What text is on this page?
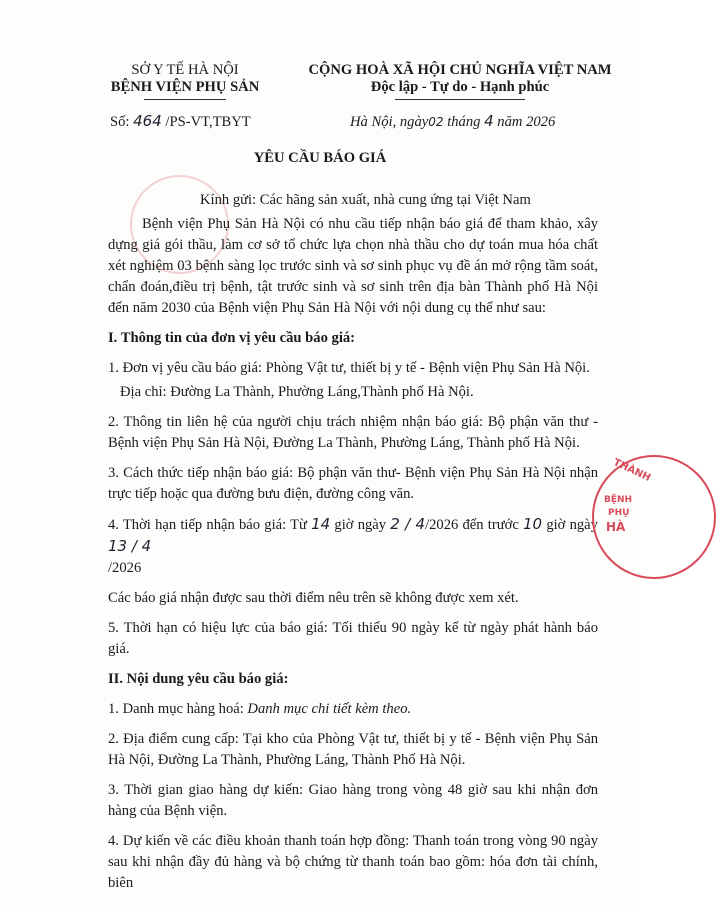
SỞ Y TẾ HÀ NỘI
BỆNH VIỆN PHỤ SẢN
CỘNG HOÀ XÃ HỘI CHỦ NGHĨA VIỆT NAM
Độc lập - Tự do - Hạnh phúc
Số: 464 /PS-VT,TBYT	Hà Nội, ngày02 tháng 4 năm 2026
YÊU CẦU BÁO GIÁ

Kính gửi: Các hãng sản xuất, nhà cung ứng tại Việt Nam

Bệnh viện Phụ Sản Hà Nội có nhu cầu tiếp nhận báo giá để tham khảo, xây dựng giá gói thầu, làm cơ sở tổ chức lựa chọn nhà thầu cho dự toán mua hóa chất xét nghiệm 03 bệnh sàng lọc trước sinh và sơ sinh phục vụ đề án mở rộng tầm soát, chẩn đoán,điều trị bệnh, tật trước sinh và sơ sinh trên địa bàn Thành phố Hà Nội đến năm 2030 của Bệnh viện Phụ Sản Hà Nội với nội dung cụ thể như sau:

I. Thông tin của đơn vị yêu cầu báo giá:

1. Đơn vị yêu cầu báo giá: Phòng Vật tư, thiết bị y tế - Bệnh viện Phụ Sản Hà Nội.

Địa chỉ: Đường La Thành, Phường Láng,Thành phố Hà Nội.

2. Thông tin liên hệ của người chịu trách nhiệm nhận báo giá: Bộ phận văn thư - Bệnh viện Phụ Sản Hà Nội, Đường La Thành, Phường Láng, Thành phố Hà Nội.

3. Cách thức tiếp nhận báo giá: Bộ phận văn thư- Bệnh viện Phụ Sản Hà Nội nhận trực tiếp hoặc qua đường bưu điện, đường công văn.

4. Thời hạn tiếp nhận báo giá: Từ 14 giờ ngày 2 / 4/2026 đến trước 10 giờ ngày 13 / 4
/2026

Các báo giá nhận được sau thời điểm nêu trên sẽ không được xem xét.

5. Thời hạn có hiệu lực của báo giá: Tối thiểu 90 ngày kể từ ngày phát hành báo giá.

II. Nội dung yêu cầu báo giá:

1. Danh mục hàng hoá: Danh mục chi tiết kèm theo.

2. Địa điểm cung cấp: Tại kho của Phòng Vật tư, thiết bị y tế - Bệnh viện Phụ Sản Hà Nội, Đường La Thành, Phường Láng, Thành Phố Hà Nội.

3. Thời gian giao hàng dự kiến: Giao hàng trong vòng 48 giờ sau khi nhận đơn hàng của Bệnh viện.

4. Dự kiến về các điều khoản thanh toán hợp đồng: Thanh toán trong vòng 90 ngày sau khi nhận đầy đủ hàng và bộ chứng từ thanh toán bao gồm: hóa đơn tài chính, biên

THÀNH
BỆNH
PHỤ
HÀ
